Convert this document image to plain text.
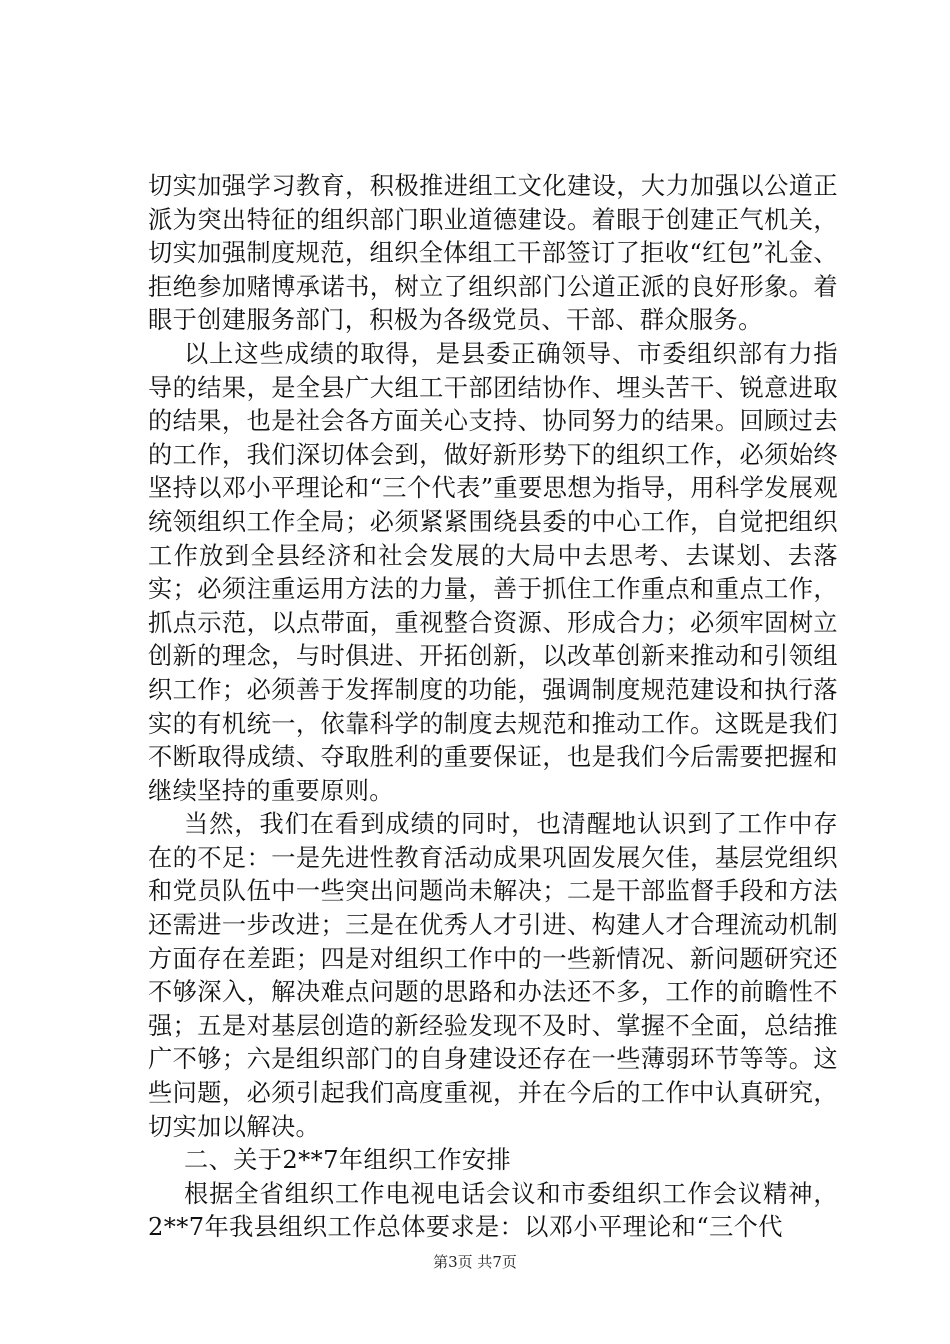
切实加强学习教育，积极推进组工文化建设，大力加强以公道正派为突出特征的组织部门职业道德建设。着眼于创建正气机关，切实加强制度规范，组织全体组工干部签订了拒收“红包”礼金、拒绝参加赌博承诺书，树立了组织部门公道正派的良好形象。着眼于创建服务部门，积极为各级党员、干部、群众服务。

以上这些成绩的取得，是县委正确领导、市委组织部有力指导的结果，是全县广大组工干部团结协作、埋头苦干、锐意进取的结果，也是社会各方面关心支持、协同努力的结果。回顾过去的工作，我们深切体会到，做好新形势下的组织工作，必须始终坚持以邓小平理论和“三个代表”重要思想为指导，用科学发展观统领组织工作全局；必须紧紧围绕县委的中心工作，自觉把组织工作放到全县经济和社会发展的大局中去思考、去谋划、去落实；必须注重运用方法的力量，善于抓住工作重点和重点工作，抓点示范，以点带面，重视整合资源、形成合力；必须牢固树立创新的理念，与时俱进、开拓创新，以改革创新来推动和引领组织工作；必须善于发挥制度的功能，强调制度规范建设和执行落实的有机统一，依靠科学的制度去规范和推动工作。这既是我们不断取得成绩、夺取胜利的重要保证，也是我们今后需要把握和继续坚持的重要原则。

当然，我们在看到成绩的同时，也清醒地认识到了工作中存在的不足：一是先进性教育活动成果巩固发展欠佳，基层党组织和党员队伍中一些突出问题尚未解决；二是干部监督手段和方法还需进一步改进；三是在优秀人才引进、构建人才合理流动机制方面存在差距；四是对组织工作中的一些新情况、新问题研究还不够深入，解决难点问题的思路和办法还不多，工作的前瞻性不强；五是对基层创造的新经验发现不及时、掌握不全面，总结推广不够；六是组织部门的自身建设还存在一些薄弱环节等等。这些问题，必须引起我们高度重视，并在今后的工作中认真研究，切实加以解决。

二、关于2**7年组织工作安排

根据全省组织工作电视电话会议和市委组织工作会议精神，2**7年我县组织工作总体要求是：以邓小平理论和“三个代

第3页 共7页
